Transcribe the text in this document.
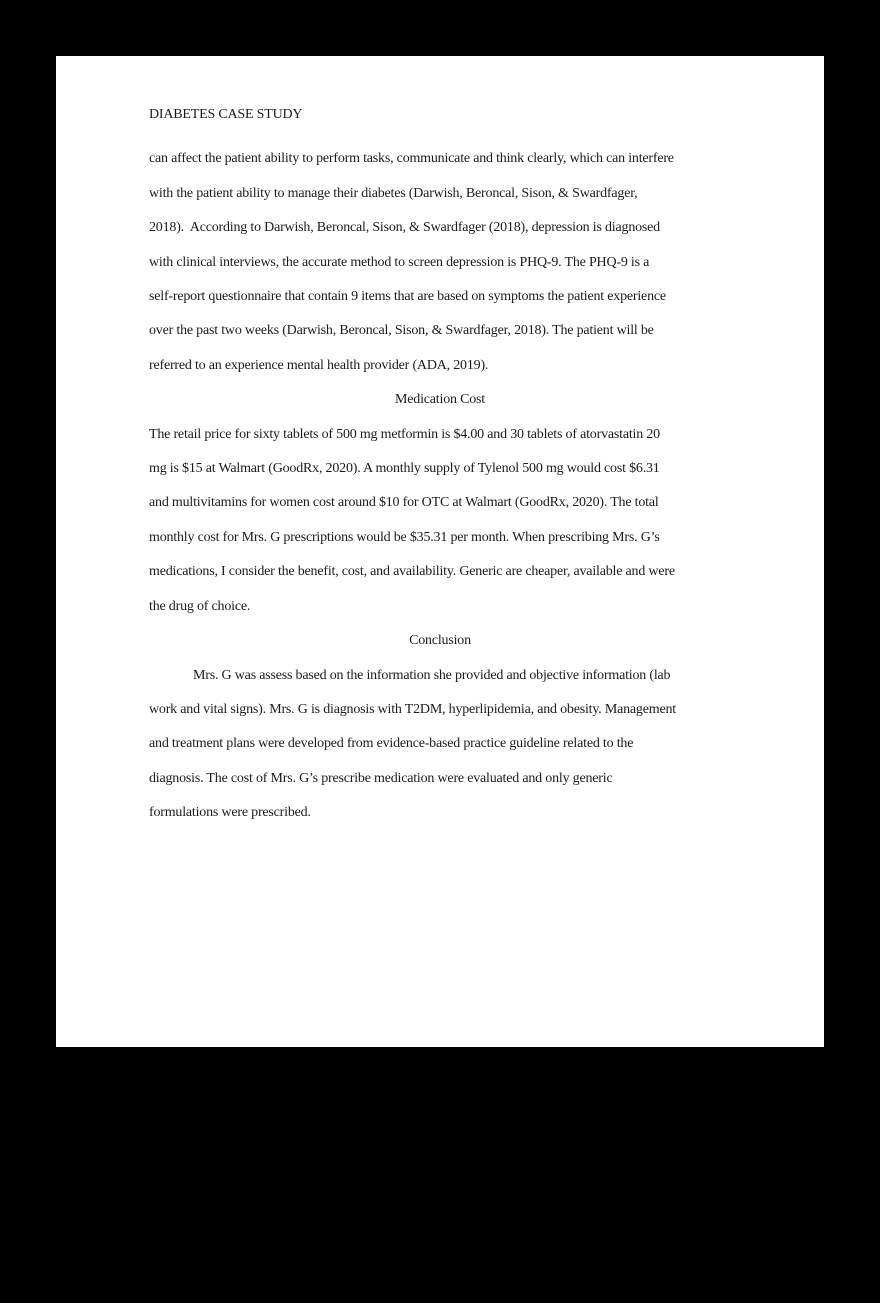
DIABETES CASE STUDY
can affect the patient ability to perform tasks, communicate and think clearly, which can interfere
with the patient ability to manage their diabetes (Darwish, Beroncal, Sison, & Swardfager,
2018).  According to Darwish, Beroncal, Sison, & Swardfager (2018), depression is diagnosed
with clinical interviews, the accurate method to screen depression is PHQ-9. The PHQ-9 is a
self-report questionnaire that contain 9 items that are based on symptoms the patient experience
over the past two weeks (Darwish, Beroncal, Sison, & Swardfager, 2018). The patient will be
referred to an experience mental health provider (ADA, 2019).
Medication Cost
The retail price for sixty tablets of 500 mg metformin is $4.00 and 30 tablets of atorvastatin 20
mg is $15 at Walmart (GoodRx, 2020). A monthly supply of Tylenol 500 mg would cost $6.31
and multivitamins for women cost around $10 for OTC at Walmart (GoodRx, 2020). The total
monthly cost for Mrs. G prescriptions would be $35.31 per month. When prescribing Mrs. G’s
medications, I consider the benefit, cost, and availability. Generic are cheaper, available and were
the drug of choice.
Conclusion
Mrs. G was assess based on the information she provided and objective information (lab
work and vital signs). Mrs. G is diagnosis with T2DM, hyperlipidemia, and obesity. Management
and treatment plans were developed from evidence-based practice guideline related to the
diagnosis. The cost of Mrs. G’s prescribe medication were evaluated and only generic
formulations were prescribed.
